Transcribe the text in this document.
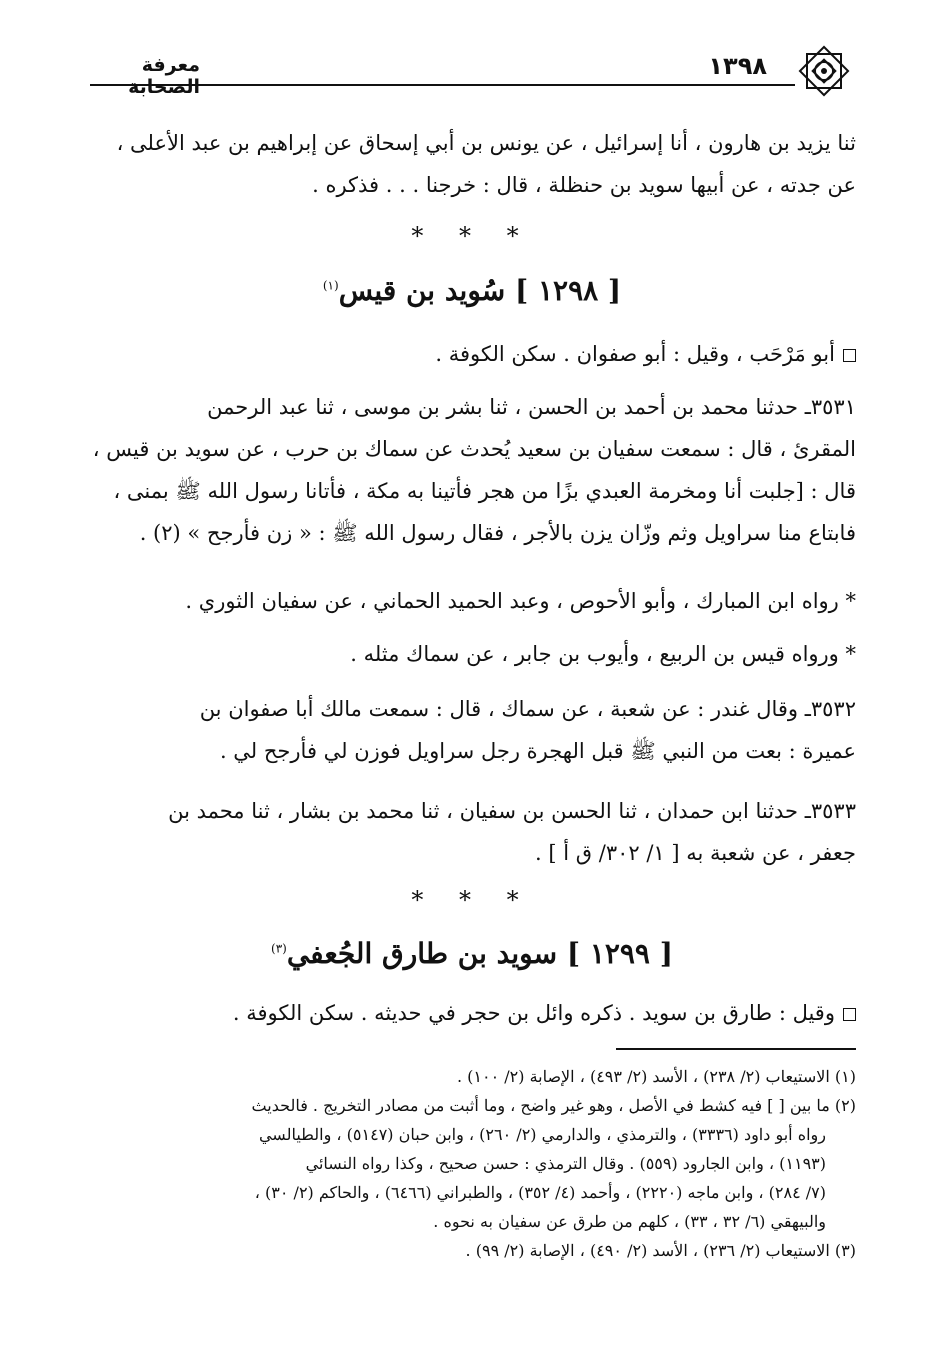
١٣٩٨
معرفة الصحابة

ثنا يزيد بن هارون ، أنا إسرائيل ، عن يونس بن أبي إسحاق عن إبراهيم بن عبد الأعلى ،

عن جدته ، عن أبيها سويد بن حنظلة ، قال : خرجنا . . . فذكره .

* * *
[ ١٢٩٨ ] سُويد بن قيس$^{(١)}$

أبو مَرْحَب ، وقيل : أبو صفوان . سكن الكوفة .

٣٥٣١ـ حدثنا محمد بن أحمد بن الحسن ، ثنا بشر بن موسى ، ثنا عبد الرحمن

المقرئ ، قال : سمعت سفيان بن سعيد يُحدث عن سماك بن حرب ، عن سويد بن قيس ،

قال : [جلبت أنا ومخرمة العبدي بزًا من هجر فأتينا به مكة ، فأتانا رسول الله ﷺ بمنى ،

فابتاع منا سراويل وثم وزّان يزن بالأجر ، فقال رسول الله ﷺ : « زن فأرجح » (٢) .

* رواه ابن المبارك ، وأبو الأحوص ، وعبد الحميد الحماني ، عن سفيان الثوري .

* ورواه قيس بن الربيع ، وأيوب بن جابر ، عن سماك مثله .

٣٥٣٢ـ وقال غندر : عن شعبة ، عن سماك ، قال : سمعت مالك أبا صفوان بن

عميرة : بعت من النبي ﷺ قبل الهجرة رجل سراويل فوزن لي فأرجح لي .

٣٥٣٣ـ حدثنا ابن حمدان ، ثنا الحسن بن سفيان ، ثنا محمد بن بشار ، ثنا محمد بن

جعفر ، عن شعبة به [ ١/ ٣٠٢/ ق أ ] .

* * *
[ ١٢٩٩ ] سويد بن طارق الجُعفي$^{(٣)}$

وقيل : طارق بن سويد . ذكره وائل بن حجر في حديثه . سكن الكوفة .

(١) الاستيعاب (٢/ ٢٣٨) ، الأسد (٢/ ٤٩٣) ، الإصابة (٢/ ١٠٠) .

(٢) ما بين [ ] فيه كشط في الأصل ، وهو غير واضح ، وما أثبت من مصادر التخريج . فالحديث

رواه أبو داود (٣٣٣٦) ، والترمذي ، والدارمي (٢/ ٢٦٠) ، وابن حبان (٥١٤٧) ، والطيالسي

(١١٩٣) ، وابن الجارود (٥٥٩) . وقال الترمذي : حسن صحيح ، وكذا رواه النسائي

(٧/ ٢٨٤) ، وابن ماجه (٢٢٢٠) ، وأحمد (٤/ ٣٥٢) ، والطبراني (٦٤٦٦) ، والحاكم (٢/ ٣٠) ،

والبيهقي (٦/ ٣٢ ، ٣٣) ، كلهم من طرق عن سفيان به نحوه .

(٣) الاستيعاب (٢/ ٢٣٦) ، الأسد (٢/ ٤٩٠) ، الإصابة (٢/ ٩٩) .
